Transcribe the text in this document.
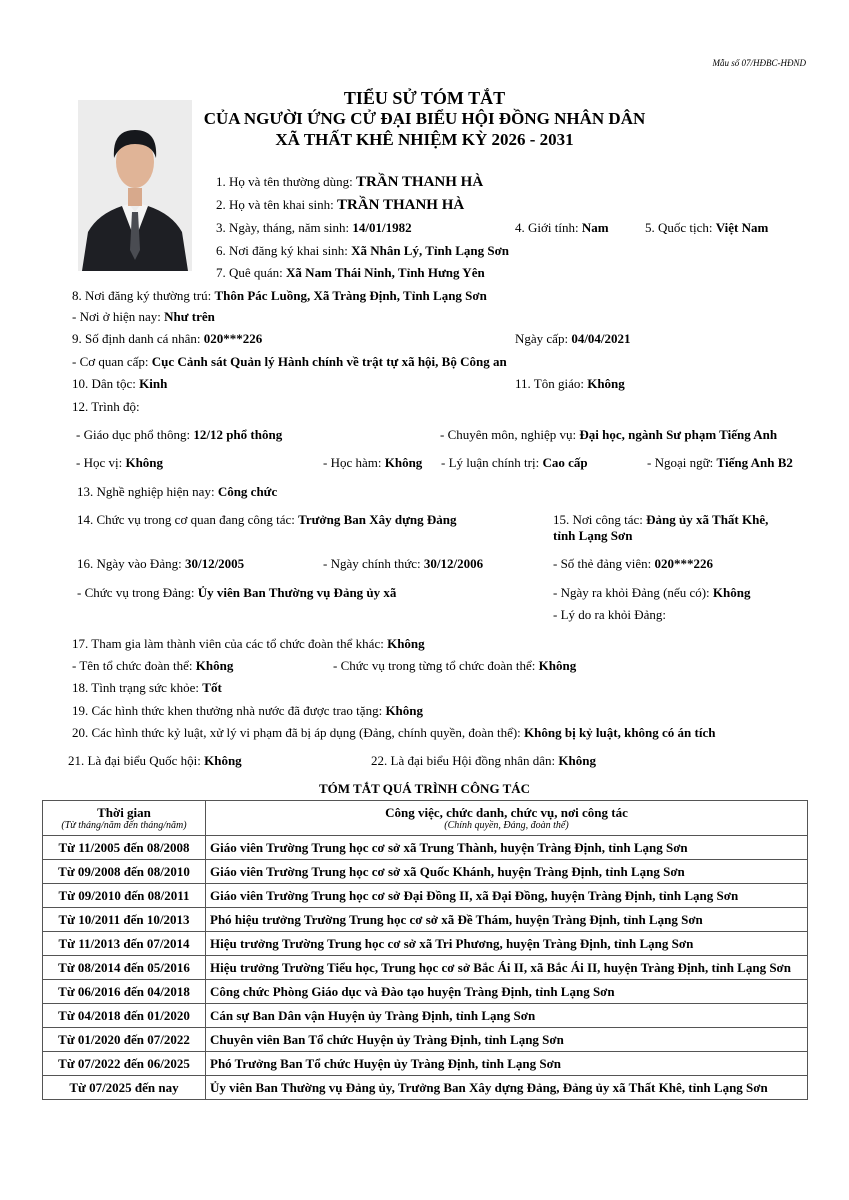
Mẫu số 07/HĐBC-HĐND
TIỂU SỬ TÓM TẮT
CỦA NGƯỜI ỨNG CỬ ĐẠI BIỂU HỘI ĐỒNG NHÂN DÂN
XÃ THẤT KHÊ NHIỆM KỲ 2026 - 2031
1. Họ và tên thường dùng: TRẦN THANH HÀ
2. Họ và tên khai sinh: TRẦN THANH HÀ
3. Ngày, tháng, năm sinh: 14/01/1982	4. Giới tính: Nam	5. Quốc tịch: Việt Nam
6. Nơi đăng ký khai sinh: Xã Nhân Lý, Tỉnh Lạng Sơn
7. Quê quán: Xã Nam Thái Ninh, Tỉnh Hưng Yên
8. Nơi đăng ký thường trú: Thôn Pác Luồng, Xã Tràng Định, Tỉnh Lạng Sơn
- Nơi ở hiện nay: Như trên
9. Số định danh cá nhân: 020***226	Ngày cấp: 04/04/2021
- Cơ quan cấp: Cục Cảnh sát Quản lý Hành chính về trật tự xã hội, Bộ Công an
10. Dân tộc: Kinh	11. Tôn giáo: Không
12. Trình độ:
- Giáo dục phổ thông: 12/12 phổ thông	- Chuyên môn, nghiệp vụ: Đại học, ngành Sư phạm Tiếng Anh
- Học vị: Không	- Học hàm: Không - Lý luận chính trị: Cao cấp	- Ngoại ngữ: Tiếng Anh B2
13. Nghề nghiệp hiện nay: Công chức
14. Chức vụ trong cơ quan đang công tác: Trưởng Ban Xây dựng Đảng	15. Nơi công tác: Đảng ủy xã Thất Khê,
tỉnh Lạng Sơn
16. Ngày vào Đảng: 30/12/2005	- Ngày chính thức: 30/12/2006	- Số thẻ đảng viên: 020***226
- Chức vụ trong Đảng: Ủy viên Ban Thường vụ Đảng ủy xã	- Ngày ra khỏi Đảng (nếu có): Không
- Lý do ra khỏi Đảng:
17. Tham gia làm thành viên của các tổ chức đoàn thể khác: Không
- Tên tổ chức đoàn thể: Không	- Chức vụ trong từng tổ chức đoàn thể: Không
18. Tình trạng sức khỏe: Tốt
19. Các hình thức khen thưởng nhà nước đã được trao tặng: Không
20. Các hình thức kỷ luật, xử lý vi phạm đã bị áp dụng (Đảng, chính quyền, đoàn thể): Không bị kỷ luật, không có án tích
21. Là đại biểu Quốc hội: Không	22. Là đại biểu Hội đồng nhân dân: Không
TÓM TẮT QUÁ TRÌNH CÔNG TÁC
Thời gian
(Từ tháng/năm đến tháng/năm)	Công việc, chức danh, chức vụ, nơi công tác
(Chính quyền, Đảng, đoàn thể)

Từ 11/2005 đến 08/2008	Giáo viên Trường Trung học cơ sở xã Trung Thành, huyện Tràng Định, tỉnh Lạng Sơn
Từ 09/2008 đến 08/2010	Giáo viên Trường Trung học cơ sở xã Quốc Khánh, huyện Tràng Định, tỉnh Lạng Sơn
Từ 09/2010 đến 08/2011	Giáo viên Trường Trung học cơ sở Đại Đồng II, xã Đại Đồng, huyện Tràng Định, tỉnh Lạng Sơn
Từ 10/2011 đến 10/2013	Phó hiệu trưởng Trường Trung học cơ sở xã Đề Thám, huyện Tràng Định, tỉnh Lạng Sơn
Từ 11/2013 đến 07/2014	Hiệu trưởng Trường Trung học cơ sở xã Tri Phương, huyện Tràng Định, tỉnh Lạng Sơn
Từ 08/2014 đến 05/2016	Hiệu trưởng Trường Tiểu học, Trung học cơ sở Bắc Ái II, xã Bắc Ái II, huyện Tràng Định, tỉnh Lạng Sơn
Từ 06/2016 đến 04/2018	Công chức Phòng Giáo dục và Đào tạo huyện Tràng Định, tỉnh Lạng Sơn
Từ 04/2018 đến 01/2020	Cán sự Ban Dân vận Huyện ủy Tràng Định, tỉnh Lạng Sơn
Từ 01/2020 đến 07/2022	Chuyên viên Ban Tổ chức Huyện ủy Tràng Định, tỉnh Lạng Sơn
Từ 07/2022 đến 06/2025	Phó Trưởng Ban Tổ chức Huyện ủy Tràng Định, tỉnh Lạng Sơn
Từ 07/2025 đến nay	Ủy viên Ban Thường vụ Đảng ủy, Trưởng Ban Xây dựng Đảng, Đảng ủy xã Thất Khê, tỉnh Lạng Sơn
